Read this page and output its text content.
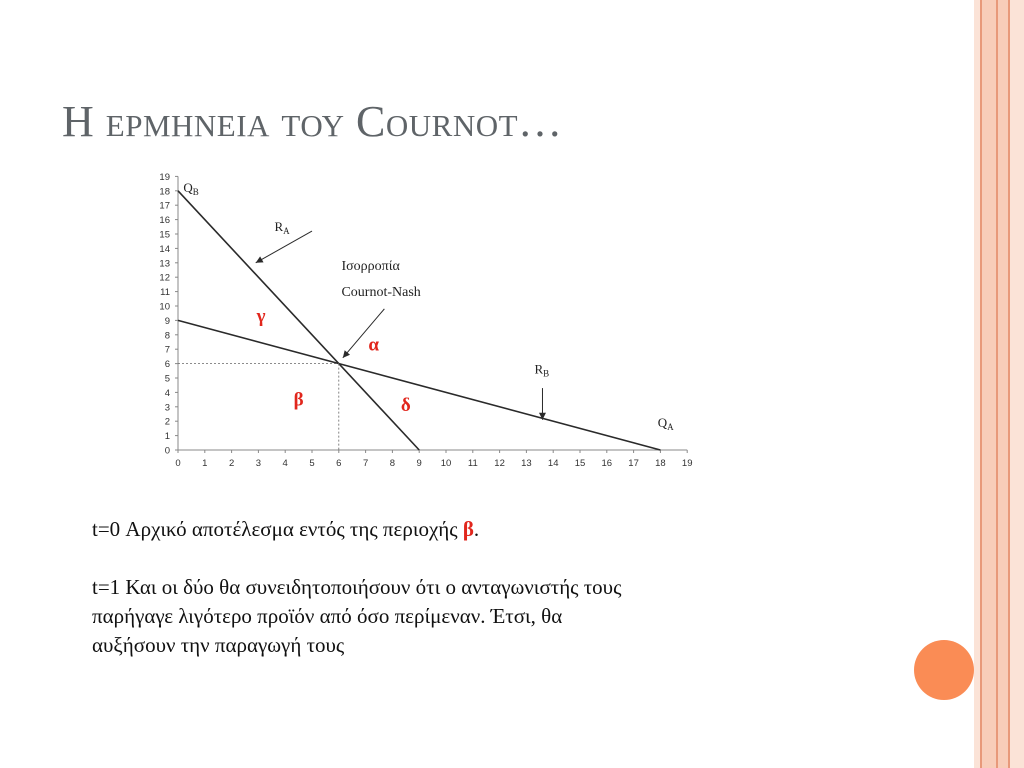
Η ερμηνεια του Cournot…
0 1 2 3 4 5 6 7 8 9 10 11 12 13 14 15 16 17 18 19
0
1
2
3
4
5
6
7
8
9
10
11
12
13
14
15
16
17
18
19
$Q_B$
$Q_A$
$R_A$
$R_B$
Ισορροπία
Cournot-Nash
γ
α
β	δ

t=0 Αρχικό αποτέλεσμα εντός της περιοχής β.

t=1 Και οι δύο θα συνειδητοποιήσουν ότι ο ανταγωνιστής τους
παρήγαγε λιγότερο προϊόν από όσο περίμεναν. Έτσι, θα
αυξήσουν την παραγωγή τους
